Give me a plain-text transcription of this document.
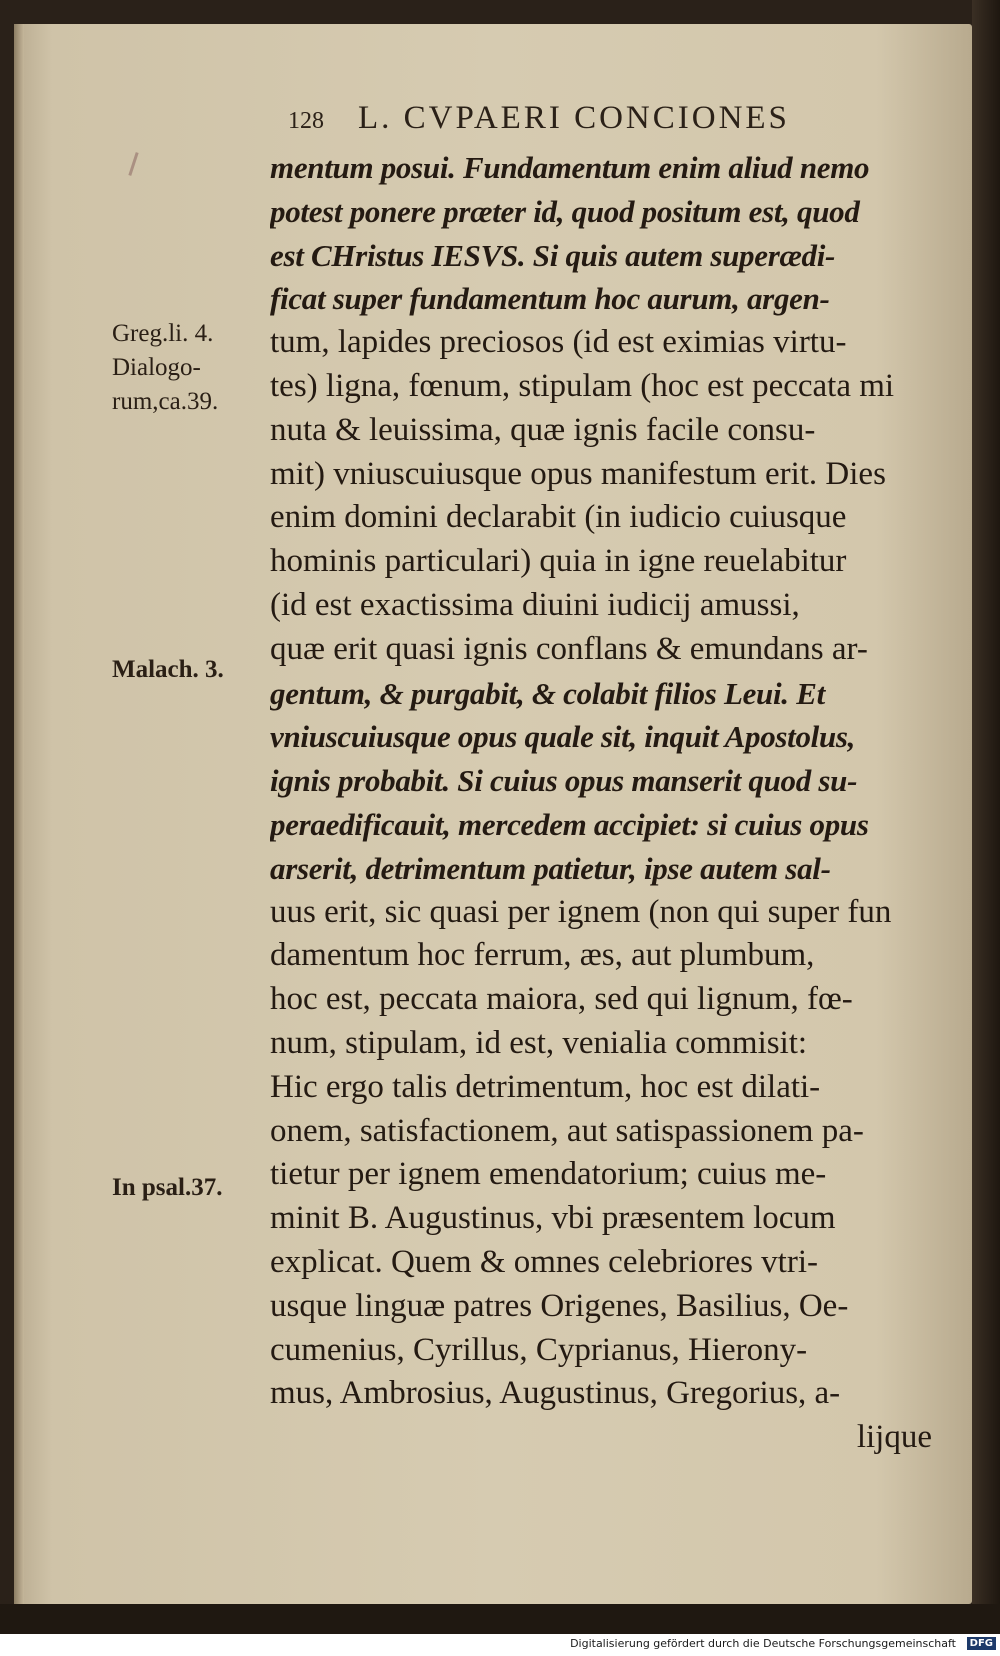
128 L. CVPAERI CONCIONES
Greg.li. 4.
Dialogo-
rum,ca.39.
Malach. 3.
In psal.37.
mentum posui. Fundamentum enim aliud nemo
potest ponere præter id, quod positum est, quod
est CHristus IESVS. Si quis autem superædi-
ficat super fundamentum hoc aurum, argen-
tum, lapides preciosos (id est eximias virtu-
tes) ligna, fœnum, stipulam (hoc est peccata mi
nuta & leuissima, quæ ignis facile consu-
mit) vniuscuiusque opus manifestum erit. Dies
enim domini declarabit (in iudicio cuiusque
hominis particulari) quia in igne reuelabitur
(id est exactissima diuini iudicij amussi,
quæ erit quasi ignis conflans & emundans ar-
gentum, & purgabit, & colabit filios Leui. Et
vniuscuiusque opus quale sit, inquit Apostolus,
ignis probabit. Si cuius opus manserit quod su-
peraedificauit, mercedem accipiet: si cuius opus
arserit, detrimentum patietur, ipse autem sal-
uus erit, sic quasi per ignem (non qui super fun
damentum hoc ferrum, æs, aut plumbum,
hoc est, peccata maiora, sed qui lignum, fœ-
num, stipulam, id est, venialia commisit:
Hic ergo talis detrimentum, hoc est dilati-
onem, satisfactionem, aut satispassionem pa-
tietur per ignem emendatorium; cuius me-
minit B. Augustinus, vbi præsentem locum
explicat. Quem & omnes celebriores vtri-
usque linguæ patres Origenes, Basilius, Oe-
cumenius, Cyrillus, Cyprianus, Hierony-
mus, Ambrosius, Augustinus, Gregorius, a-
lijque
Digitalisierung gefördert durch die Deutsche Forschungsgemeinschaft	DFG
